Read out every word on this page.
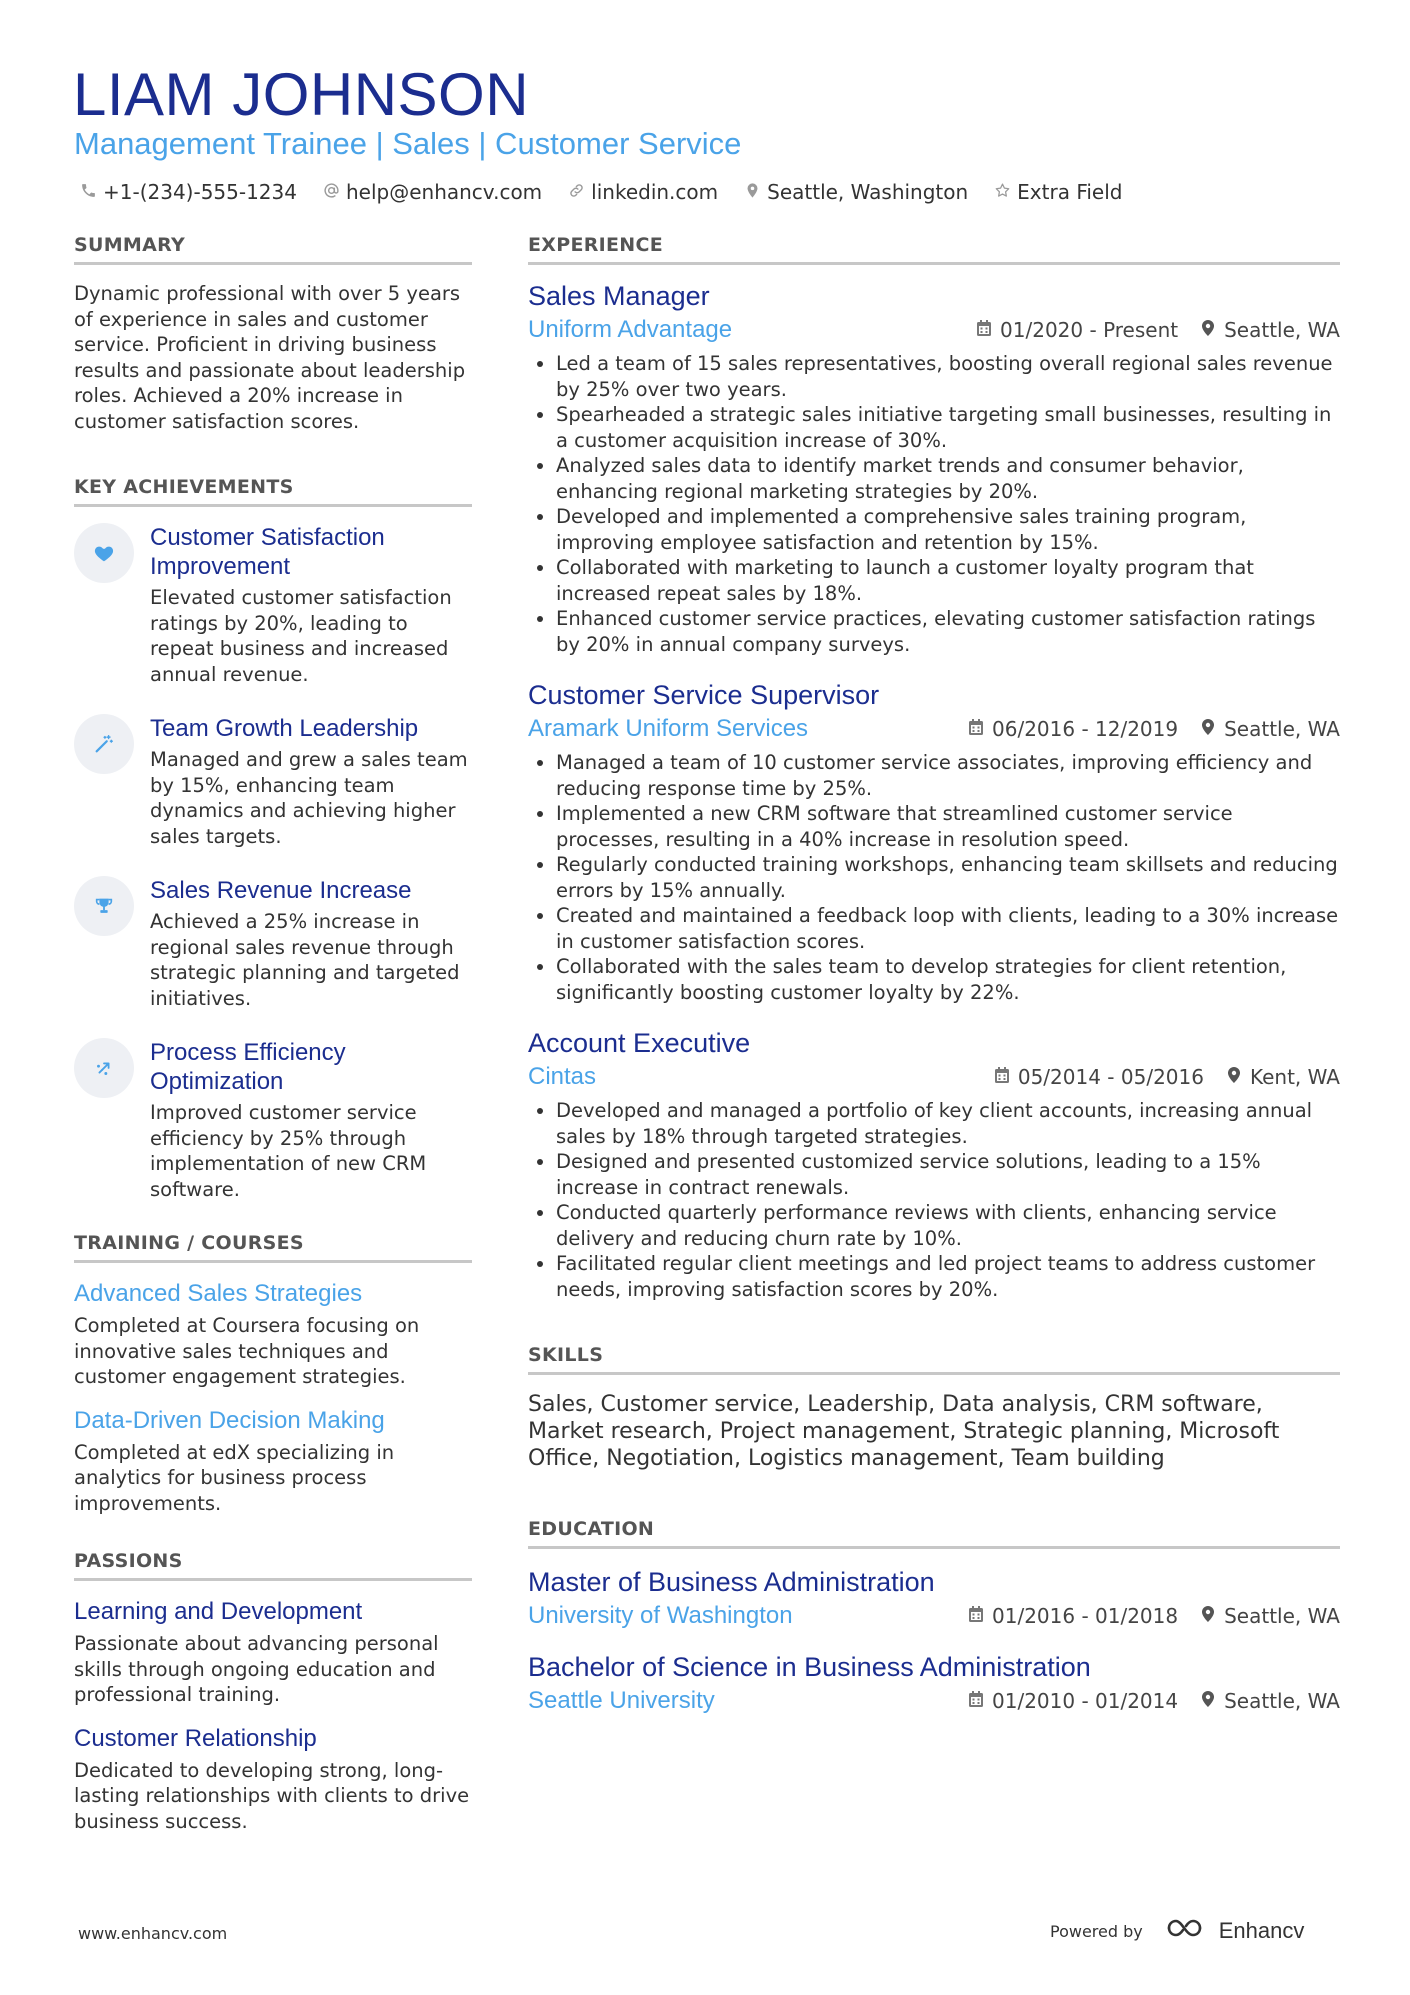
LIAM JOHNSON
Management Trainee | Sales | Customer Service
+1-(234)-555-1234 help@enhancv.com linkedin.com Seattle, Washington Extra Field
SUMMARY
Dynamic professional with over 5 years of experience in sales and customer service. Proficient in driving business results and passionate about leadership roles. Achieved a 20% increase in customer satisfaction scores.
KEY ACHIEVEMENTS
Customer Satisfaction Improvement
Elevated customer satisfaction ratings by 20%, leading to repeat business and increased annual revenue.
Team Growth Leadership
Managed and grew a sales team by 15%, enhancing team dynamics and achieving higher sales targets.
Sales Revenue Increase
Achieved a 25% increase in regional sales revenue through strategic planning and targeted initiatives.
Process Efficiency Optimization
Improved customer service efficiency by 25% through implementation of new CRM software.
TRAINING / COURSES
Advanced Sales Strategies
Completed at Coursera focusing on innovative sales techniques and customer engagement strategies.
Data-Driven Decision Making
Completed at edX specializing in analytics for business process improvements.
PASSIONS
Learning and Development
Passionate about advancing personal skills through ongoing education and professional training.
Customer Relationship
Dedicated to developing strong, long-lasting relationships with clients to drive business success.
EXPERIENCE
Sales Manager
Uniform Advantage	01/2020 - Present Seattle, WA
• Led a team of 15 sales representatives, boosting overall regional sales revenue by 25% over two years.
• Spearheaded a strategic sales initiative targeting small businesses, resulting in a customer acquisition increase of 30%.
• Analyzed sales data to identify market trends and consumer behavior, enhancing regional marketing strategies by 20%.
• Developed and implemented a comprehensive sales training program, improving employee satisfaction and retention by 15%.
• Collaborated with marketing to launch a customer loyalty program that increased repeat sales by 18%.
• Enhanced customer service practices, elevating customer satisfaction ratings by 20% in annual company surveys.
Customer Service Supervisor
Aramark Uniform Services	06/2016 - 12/2019 Seattle, WA
• Managed a team of 10 customer service associates, improving efficiency and reducing response time by 25%.
• Implemented a new CRM software that streamlined customer service processes, resulting in a 40% increase in resolution speed.
• Regularly conducted training workshops, enhancing team skillsets and reducing errors by 15% annually.
• Created and maintained a feedback loop with clients, leading to a 30% increase in customer satisfaction scores.
• Collaborated with the sales team to develop strategies for client retention, significantly boosting customer loyalty by 22%.
Account Executive
Cintas	05/2014 - 05/2016 Kent, WA
• Developed and managed a portfolio of key client accounts, increasing annual sales by 18% through targeted strategies.
• Designed and presented customized service solutions, leading to a 15% increase in contract renewals.
• Conducted quarterly performance reviews with clients, enhancing service delivery and reducing churn rate by 10%.
• Facilitated regular client meetings and led project teams to address customer needs, improving satisfaction scores by 20%.
SKILLS
Sales, Customer service, Leadership, Data analysis, CRM software, Market research, Project management, Strategic planning, Microsoft Office, Negotiation, Logistics management, Team building
EDUCATION
Master of Business Administration
University of Washington	01/2016 - 01/2018 Seattle, WA
Bachelor of Science in Business Administration
Seattle University	01/2010 - 01/2014 Seattle, WA
www.enhancv.com	Powered by	Enhancv
